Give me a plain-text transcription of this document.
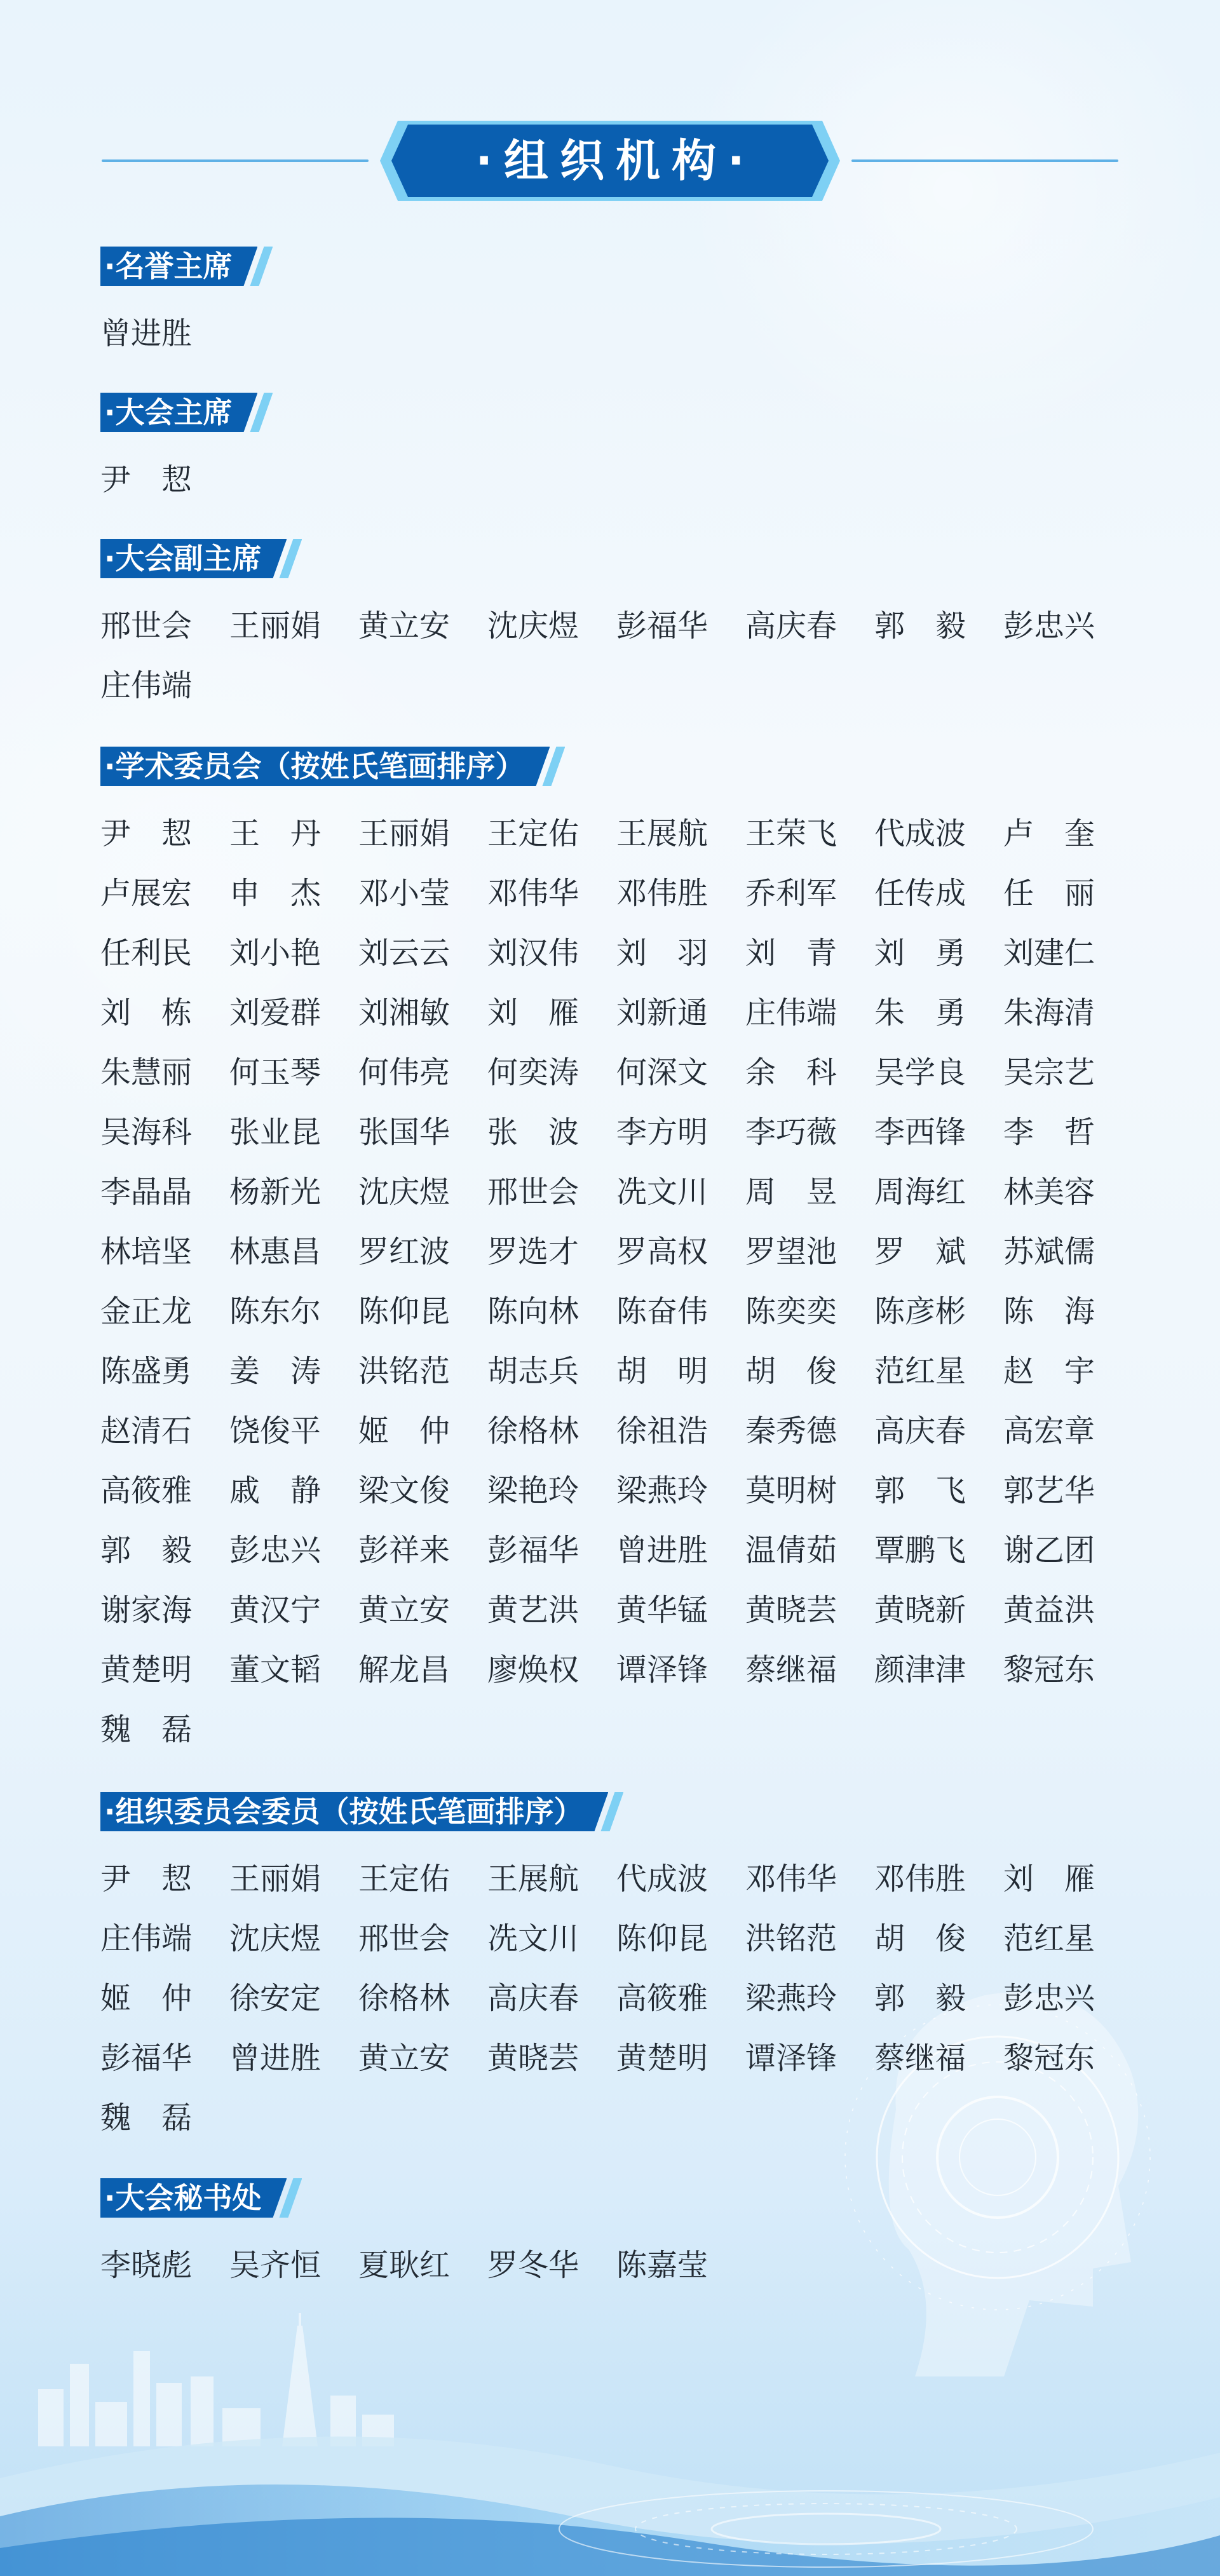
·组织机构·
·名誉主席
曾进胜
·大会主席
尹　恝
·大会副主席
邢世会	王丽娟	黄立安	沈庆煜	彭福华	高庆春	郭　毅	彭忠兴
庄伟端
·学术委员会（按姓氏笔画排序）
尹　恝	王　丹	王丽娟	王定佑	王展航	王荣飞	代成波	卢　奎
卢展宏	申　杰	邓小莹	邓伟华	邓伟胜	乔利军	任传成	任　丽
任利民	刘小艳	刘云云	刘汉伟	刘　羽	刘　青	刘　勇	刘建仁
刘　栋	刘爱群	刘湘敏	刘　雁	刘新通	庄伟端	朱　勇	朱海清
朱慧丽	何玉琴	何伟亮	何奕涛	何深文	余　科	吴学良	吴宗艺
吴海科	张业昆	张国华	张　波	李方明	李巧薇	李西锋	李　哲
李晶晶	杨新光	沈庆煜	邢世会	冼文川	周　昱	周海红	林美容
林培坚	林惠昌	罗红波	罗选才	罗高权	罗望池	罗　斌	苏斌儒
金正龙	陈东尔	陈仰昆	陈向林	陈奋伟	陈奕奕	陈彦彬	陈　海
陈盛勇	姜　涛	洪铭范	胡志兵	胡　明	胡　俊	范红星	赵　宇
赵清石	饶俊平	姬　仲	徐格林	徐祖浩	秦秀德	高庆春	高宏章
高筱雅	戚　静	梁文俊	梁艳玲	梁燕玲	莫明树	郭　飞	郭艺华
郭　毅	彭忠兴	彭祥来	彭福华	曾进胜	温倩茹	覃鹏飞	谢乙团
谢家海	黄汉宁	黄立安	黄艺洪	黄华锰	黄晓芸	黄晓新	黄益洪
黄楚明	董文韬	解龙昌	廖焕权	谭泽锋	蔡继福	颜津津	黎冠东
魏　磊
·组织委员会委员（按姓氏笔画排序）
尹　恝	王丽娟	王定佑	王展航	代成波	邓伟华	邓伟胜	刘　雁
庄伟端	沈庆煜	邢世会	冼文川	陈仰昆	洪铭范	胡　俊	范红星
姬　仲	徐安定	徐格林	高庆春	高筱雅	梁燕玲	郭　毅	彭忠兴
彭福华	曾进胜	黄立安	黄晓芸	黄楚明	谭泽锋	蔡继福	黎冠东
魏　磊
·大会秘书处
李晓彪	吴齐恒	夏耿红	罗冬华	陈嘉莹
